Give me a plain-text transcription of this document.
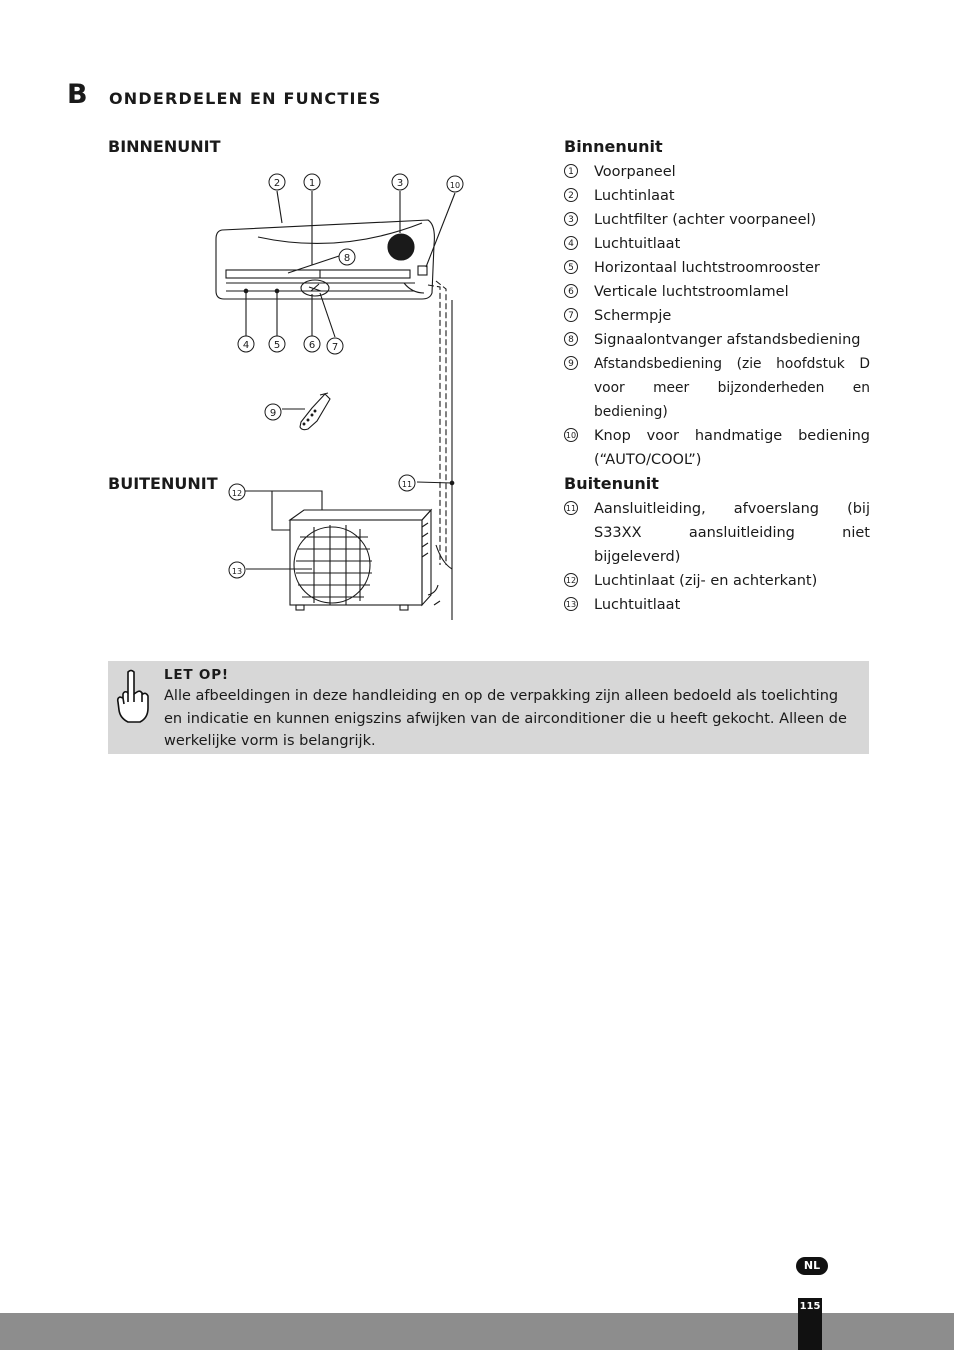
B ONDERDELEN EN FUNCTIES
BINNENUNIT
BUITENUNIT
2	1	3	10
8
4 5	6 7
9
11
12
13
Binnenunit
1 Voorpaneel
2 Luchtinlaat
3 Luchtfilter (achter voorpaneel)
4 Luchtuitlaat
5 Horizontaal luchtstroomrooster
6 Verticale luchtstroomlamel
7 Schermpje
8 Signaalontvanger afstandsbediening
9	Afstandsbediening (zie hoofdstuk D voor meer bijzonderheden en bediening)
10 Knop voor handmatige bediening (“AUTO/COOL”)
Buitenunit
11 Aansluitleiding, afvoerslang (bij S33XX aansluitleiding niet bijgeleverd)
12 Luchtinlaat (zij- en achterkant)
13 Luchtuitlaat
LET OP!
Alle afbeeldingen in deze handleiding en op de verpakking zijn alleen bedoeld als toelichting en indicatie en kunnen enigszins afwijken van de airconditioner die u heeft gekocht. Alleen de werkelijke vorm is belangrijk.
NL
115
